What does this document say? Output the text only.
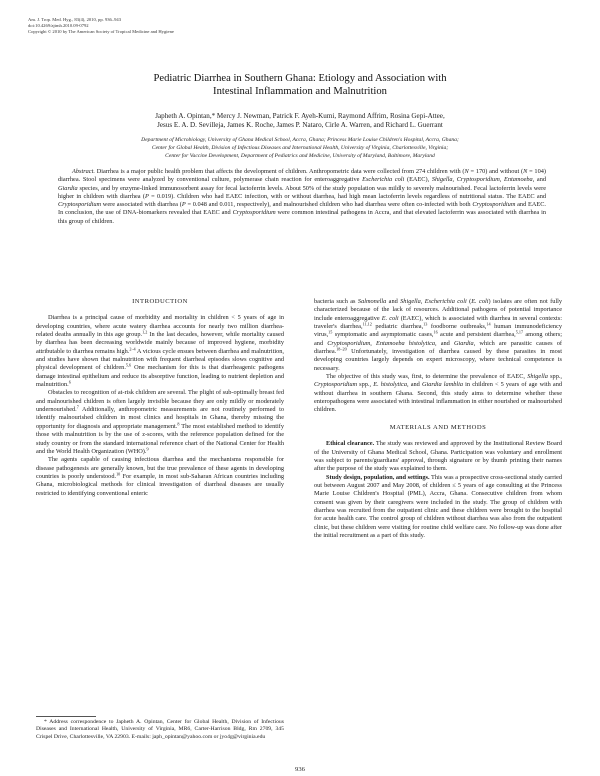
Am. J. Trop. Med. Hyg., 83(4), 2010, pp. 936–943
doi:10.4269/ajtmh.2010.09-0792
Copyright © 2010 by The American Society of Tropical Medicine and Hygiene
Pediatric Diarrhea in Southern Ghana: Etiology and Association with
Intestinal Inflammation and Malnutrition
Japheth A. Opintan,* Mercy J. Newman, Patrick F. Ayeh-Kumi, Raymond Affrim, Rosina Gepi-Attee,
Jesus E. A. D. Sevilleja, James K. Roche, James P. Nataro, Cirle A. Warren, and Richard L. Guerrant
Department of Microbiology, University of Ghana Medical School, Accra, Ghana; Princess Marie Louise Children's Hospital, Accra, Ghana;
Center for Global Health, Division of Infectious Diseases and International Health, University of Virginia, Charlottesville, Virginia;
Center for Vaccine Development, Department of Pediatrics and Medicine, University of Maryland, Baltimore, Maryland

Abstract. Diarrhea is a major public health problem that affects the development of children. Anthropometric data were collected from 274 children with (N = 170) and without (N = 104) diarrhea. Stool specimens were analyzed by conventional culture, polymerase chain reaction for enteroaggregative Escherichia coli (EAEC), Shigella, Cryptosporidium, Entamoeba, and Giardia species, and by enzyme-linked immunosorbent assay for fecal lactoferrin levels. About 50% of the study population was mildly to severely malnourished. Fecal lactoferrin levels were higher in children with diarrhea (P = 0.019). Children who had EAEC infection, with or without diarrhea, had high mean lactoferrin levels regardless of nutritional status. The EAEC and Cryptosporidium were associated with diarrhea (P = 0.048 and 0.011, respectively), and malnourished children who had diarrhea were often co-infected with both Cryptosporidium and EAEC. In conclusion, the use of DNA-biomarkers revealed that EAEC and Cryptosporidium were common intestinal pathogens in Accra, and that elevated lactoferrin was associated with diarrhea in this group of children.

INTRODUCTION

Diarrhea is a principal cause of morbidity and mortality in children < 5 years of age in developing countries, where acute watery diarrhea accounts for nearly two million diarrhea-related deaths annually in this age group.$^{1,2}$ In the last decades, however, while mortality caused by diarrhea has been decreasing worldwide mainly because of improved hygiene, morbidity attributable to diarrhea remains high.$^{2-4}$ A vicious cycle ensues between diarrhea and malnutrition, and studies have shown that malnutrition with frequent diarrheal episodes slows cognitive and physical development of children.$^{5,6}$ One mechanism for this is that diarrheagenic pathogens damage intestinal epithelium and reduce its absorptive function, leading to nutrient depletion and malnutrition.$^6$

Obstacles to recognition of at-risk children are several. The plight of sub-optimally breast fed and malnourished children is often largely invisible because they are only mildly or moderately undernourished.$^7$ Additionally, anthropometric measurements are not routinely performed to identify malnourished children in most clinics and hospitals in Ghana, thereby missing the opportunity for diagnosis and appropriate management.$^8$ The most established method to identify those with malnutrition is by the use of z-scores, with the reference population defined for the study country or from the standard international reference chart of the National Center for Health and the World Health Organization (WHO).$^9$

The agents capable of causing infectious diarrhea and the mechanisms responsible for disease pathogenesis are generally known, but the true prevalence of these agents in developing countries is poorly understood.$^{10}$ For example, in most sub-Saharan African countries including Ghana, microbiological methods for clinical investigation of diarrheal diseases are usually restricted to identifying conventional enteric

bacteria such as Salmonella and Shigella, Escherichia coli (E. coli) isolates are often not fully characterized because of the lack of resources. Additional pathogens of potential importance include enteroaggregative E. coli (EAEC), which is associated with diarrhea in several contexts: traveler's diarrhea,$^{11,12}$ pediatric diarrhea,$^{13}$ foodborne outbreaks,$^{14}$ human immunodeficiency virus,$^{15}$ symptomatic and asymptomatic cases,$^{16}$ acute and persistent diarrhea,$^{5,17}$ among others; and Cryptosporidium, Entamoeba histolytica, and Giardia, which are parasitic causes of diarrhea.$^{18-20}$ Unfortunately, investigation of diarrhea caused by these parasites in most developing countries largely depends on expert microscopy, where technical competence is necessary.

The objective of this study was, first, to determine the prevalence of EAEC, Shigella spp., Cryptosporidium spp., E. histolytica, and Giardia lamblia in children < 5 years of age with and without diarrhea in southern Ghana. Second, this study aims to determine whether these enteropathogens were associated with intestinal inflammation in either nourished or malnourished children.

MATERIALS AND METHODS

Ethical clearance. The study was reviewed and approved by the Institutional Review Board of the University of Ghana Medical School, Ghana. Participation was voluntary and enrollment was subject to parents/guardians' approval, through signature or by thumb printing their names after the purpose of the study was explained to them.

Study design, population, and settings. This was a prospective cross-sectional study carried out between August 2007 and May 2008, of children ≤ 5 years of age consulting at the Princess Marie Louise Children's Hospital (PML), Accra, Ghana. Consecutive children from whom consent was given by their caregivers were included in the study. The group of children with diarrhea was recruited from the outpatient clinic and these children were brought to the hospital for acute health care. The control group of children without diarrhea was also from the outpatient clinic, but these children were visiting for routine child welfare care. No follow-up was done after the initial recruitment as a part of this study.

* Address correspondence to Japheth A. Opintan, Center for Global Health, Division of Infectious Diseases and International Health, University of Virginia, MR6, Carter-Harrison Bldg, Rm 2709, 345 Crispel Drive, Charlottesville, VA 22903. E-mails: japh_opintan@yahoo.com or jyo4g@virginia.edu

936
